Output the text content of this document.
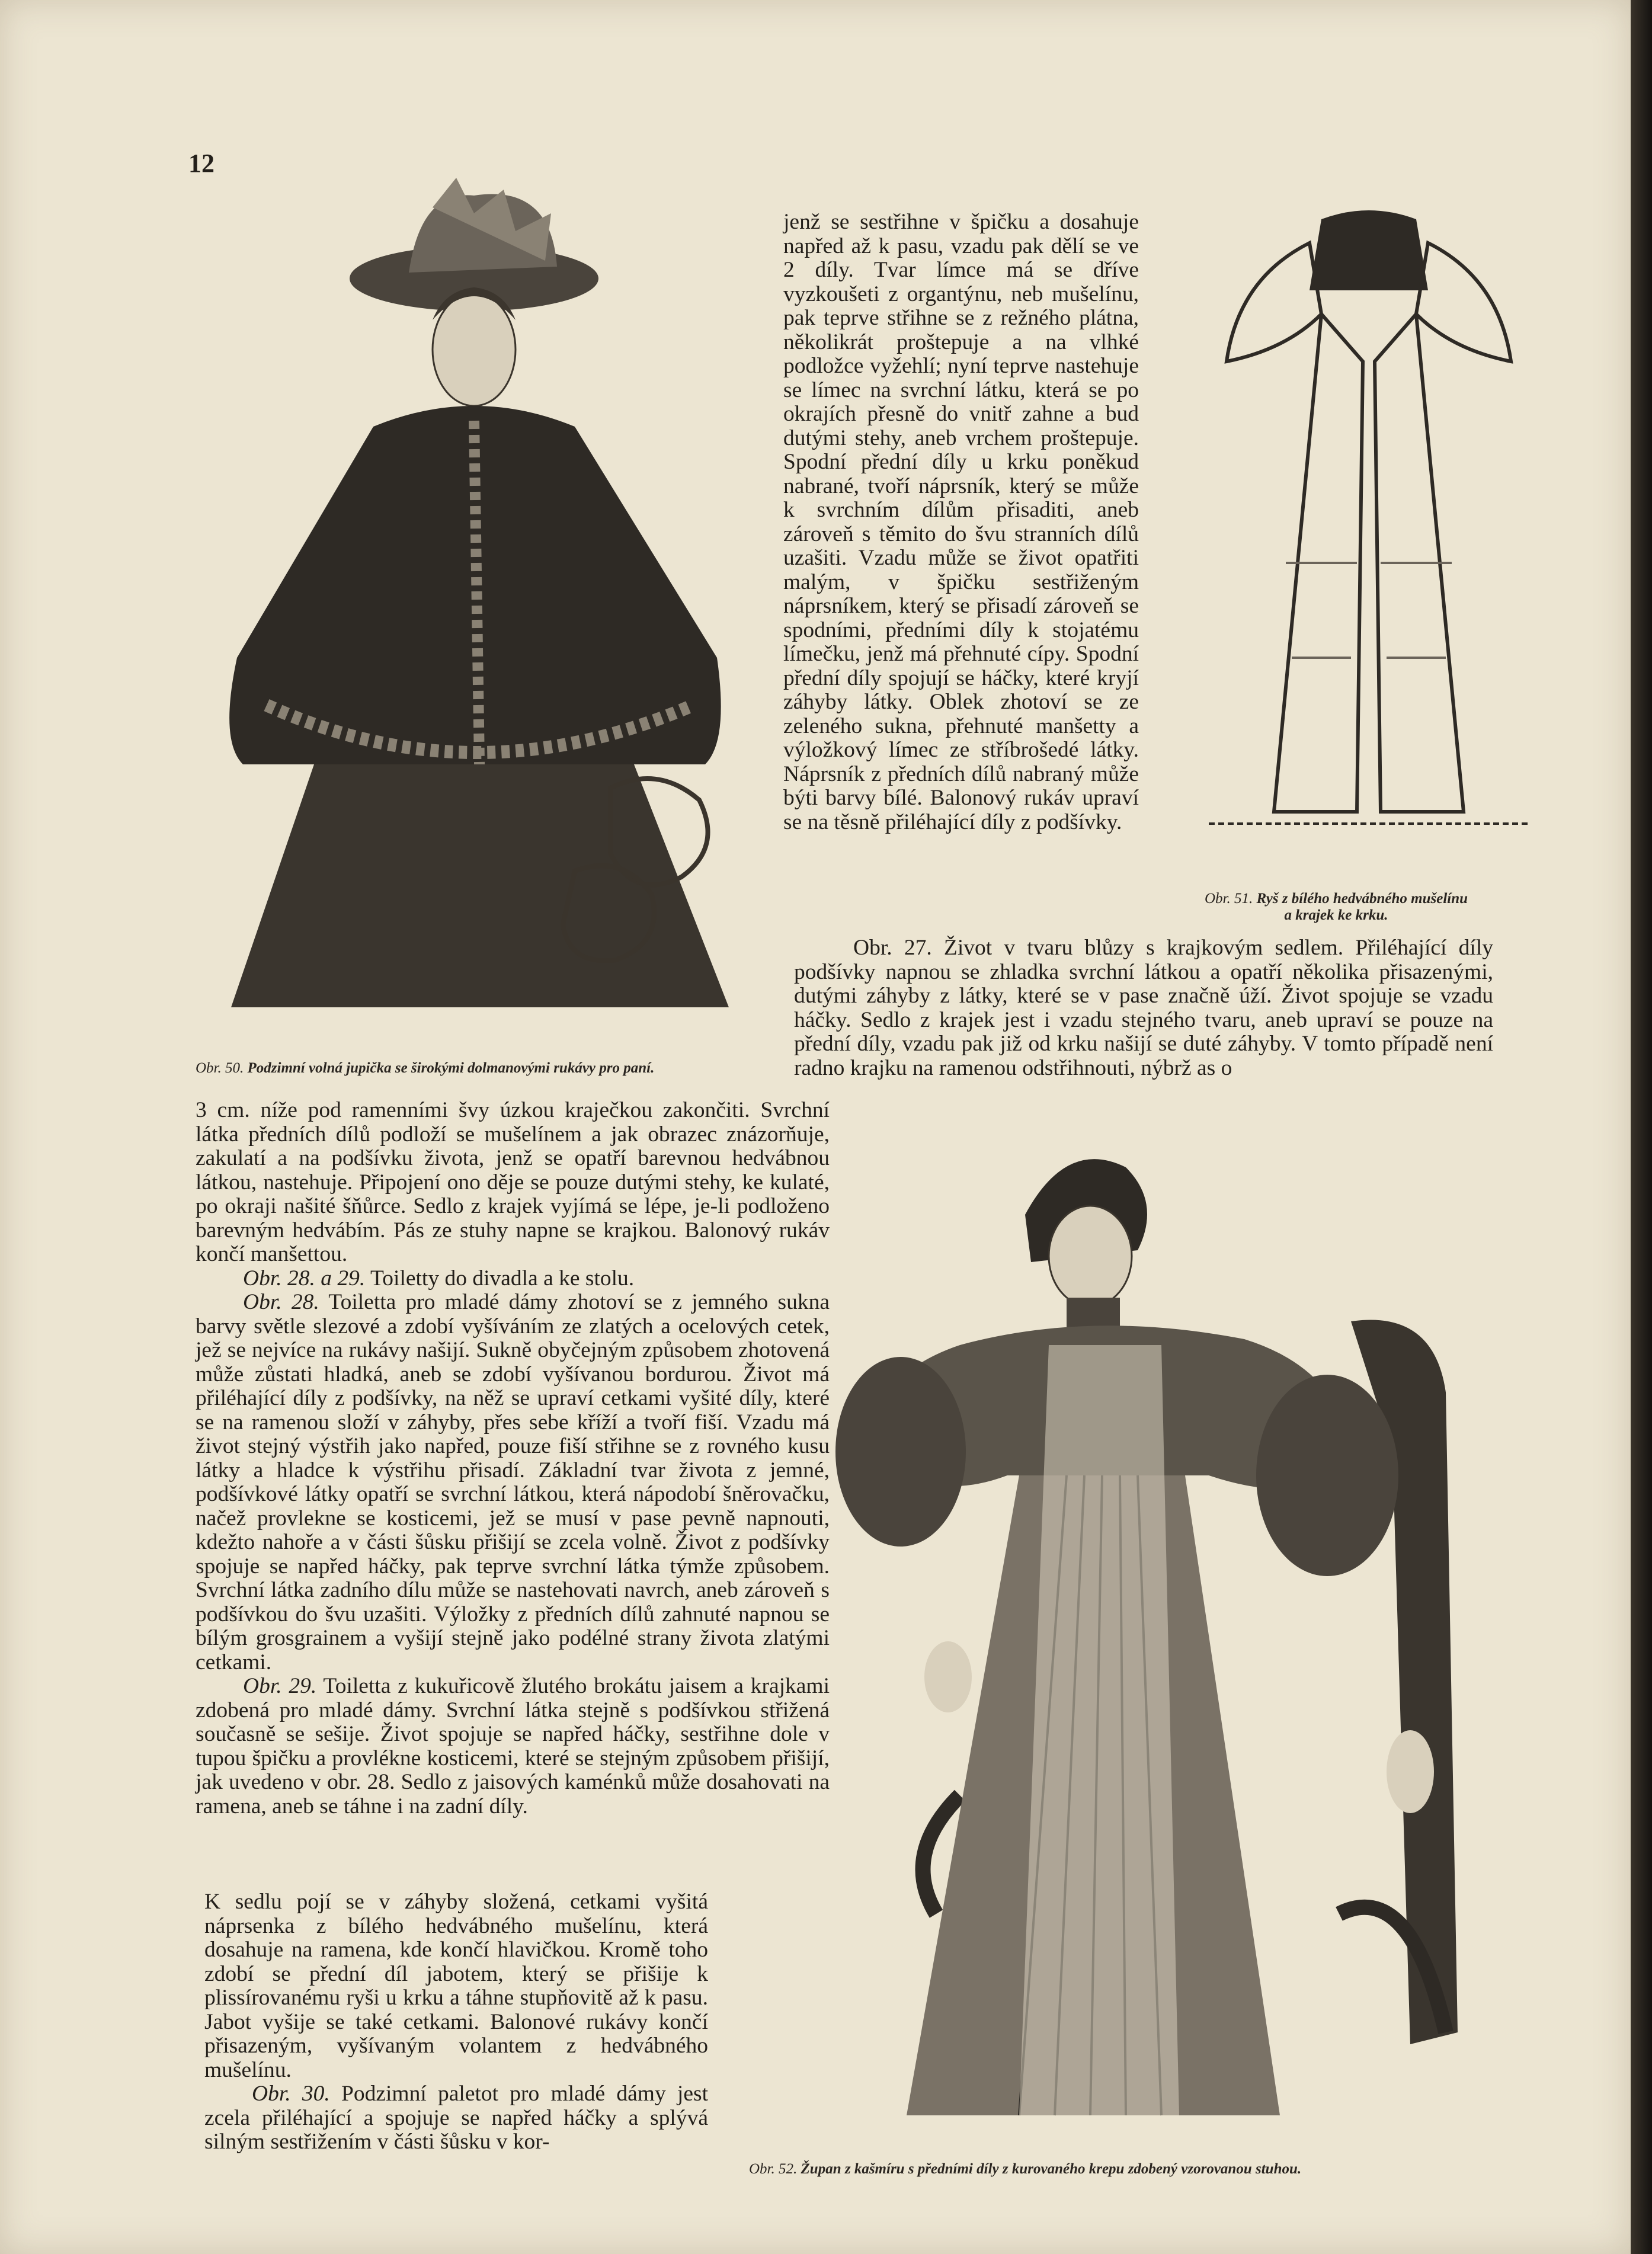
12
Obr. 50. Podzimní volná jupička se širokými dolmanovými rukávy pro paní.

jenž se sestřihne v špičku a dosahuje napřed až k pasu, vzadu pak dělí se ve 2 díly. Tvar límce má se dříve vyzkoušeti z organtýnu, neb mušelínu, pak teprve střihne se z režného plátna, několikrát proštepuje a na vlhké podložce vyžehlí; nyní teprve nastehuje se límec na svrchní látku, která se po okrajích přesně do vnitř zahne a bud dutými stehy, aneb vrchem proštepuje. Spodní přední díly u krku poněkud nabrané, tvoří náprsník, který se může k svrchním dílům přisaditi, aneb zároveň s těmito do švu stranních dílů uzašiti. Vzadu může se život opatřiti malým, v špičku sestřiženým náprsníkem, který se přisadí zároveň se spodními, předními díly k stojatému límečku, jenž má přehnuté cípy. Spodní přední díly spojují se háčky, které kryjí záhyby látky. Oblek zhotoví se ze zeleného sukna, přehnuté manšetty a výložkový límec ze stříbrošedé látky. Náprsník z předních dílů nabraný může býti barvy bílé. Balonový rukáv upraví se na těsně přiléhající díly z podšívky.

Obr. 51. Ryš z bílého hedvábného mušelínu
a krajek ke krku.
Obr. 27. Život v tvaru blůzy s krajkovým sedlem. Přiléhající díly podšívky napnou se zhladka svrchní látkou a opatří několika přisazenými, dutými záhyby z látky, které se v pase značně úží. Život spojuje se vzadu háčky. Sedlo z krajek jest i vzadu stejného tvaru, aneb upraví se pouze na přední díly, vzadu pak již od krku našijí se duté záhyby. V tomto případě není radno krajku na ramenou odstřihnouti, nýbrž as o

3 cm. níže pod ramenními švy úzkou kraječkou zakončiti. Svrchní látka předních dílů podloží se mušelínem a jak obrazec znázorňuje, zakulatí a na podšívku života, jenž se opatří barevnou hedvábnou látkou, nastehuje. Připojení ono děje se pouze dutými stehy, ke kulaté, po okraji našité šňůrce. Sedlo z krajek vyjímá se lépe, je-li podloženo barevným hedvábím. Pás ze stuhy napne se krajkou. Balonový rukáv končí manšettou.

Obr. 28. a 29. Toiletty do divadla a ke stolu.

Obr. 28. Toiletta pro mladé dámy zhotoví se z jemného sukna barvy světle slezové a zdobí vyšíváním ze zlatých a ocelových cetek, jež se nejvíce na rukávy našijí. Sukně obyčejným způsobem zhotovená může zůstati hladká, aneb se zdobí vyšívanou bordurou. Život má přiléhající díly z podšívky, na něž se upraví cetkami vyšité díly, které se na ramenou složí v záhyby, přes sebe kříží a tvoří fiší. Vzadu má život stejný výstřih jako napřed, pouze fiší střihne se z rovného kusu látky a hladce k výstřihu přisadí. Základní tvar života z jemné, podšívkové látky opatří se svrchní látkou, která nápodobí šněrovačku, načež provlekne se kosticemi, jež se musí v pase pevně napnouti, kdežto nahoře a v části šůsku přišijí se zcela volně. Život z podšívky spojuje se napřed háčky, pak teprve svrchní látka týmže způsobem. Svrchní látka zadního dílu může se nastehovati navrch, aneb zároveň s podšívkou do švu uzašiti. Výložky z předních dílů zahnuté napnou se bílým grosgrainem a vyšijí stejně jako podélné strany života zlatými cetkami.

Obr. 29. Toiletta z kukuřicově žlutého brokátu jaisem a krajkami zdobená pro mladé dámy. Svrchní látka stejně s podšívkou střižená současně se sešije. Život spojuje se napřed háčky, sestřihne dole v tupou špičku a provlékne kosticemi, které se stejným způsobem přišijí, jak uvedeno v obr. 28. Sedlo z jaisových kaménků může dosahovati na ramena, aneb se táhne i na zadní díly.

K sedlu pojí se v záhyby složená, cetkami vyšitá náprsenka z bílého hedvábného mušelínu, která dosahuje na ramena, kde končí hlavičkou. Kromě toho zdobí se přední díl jabotem, který se přišije k plissírovanému ryši u krku a táhne stupňovitě až k pasu. Jabot vyšije se také cetkami. Balonové rukávy končí přisazeným, vyšívaným volantem z hedvábného mušelínu.

Obr. 30. Podzimní paletot pro mladé dámy jest zcela přiléhající a spojuje se napřed háčky a splývá silným sestřižením v části šůsku v kor-

Obr. 52. Župan z kašmíru s předními díly z kurovaného krepu zdobený vzorovanou stuhou.
